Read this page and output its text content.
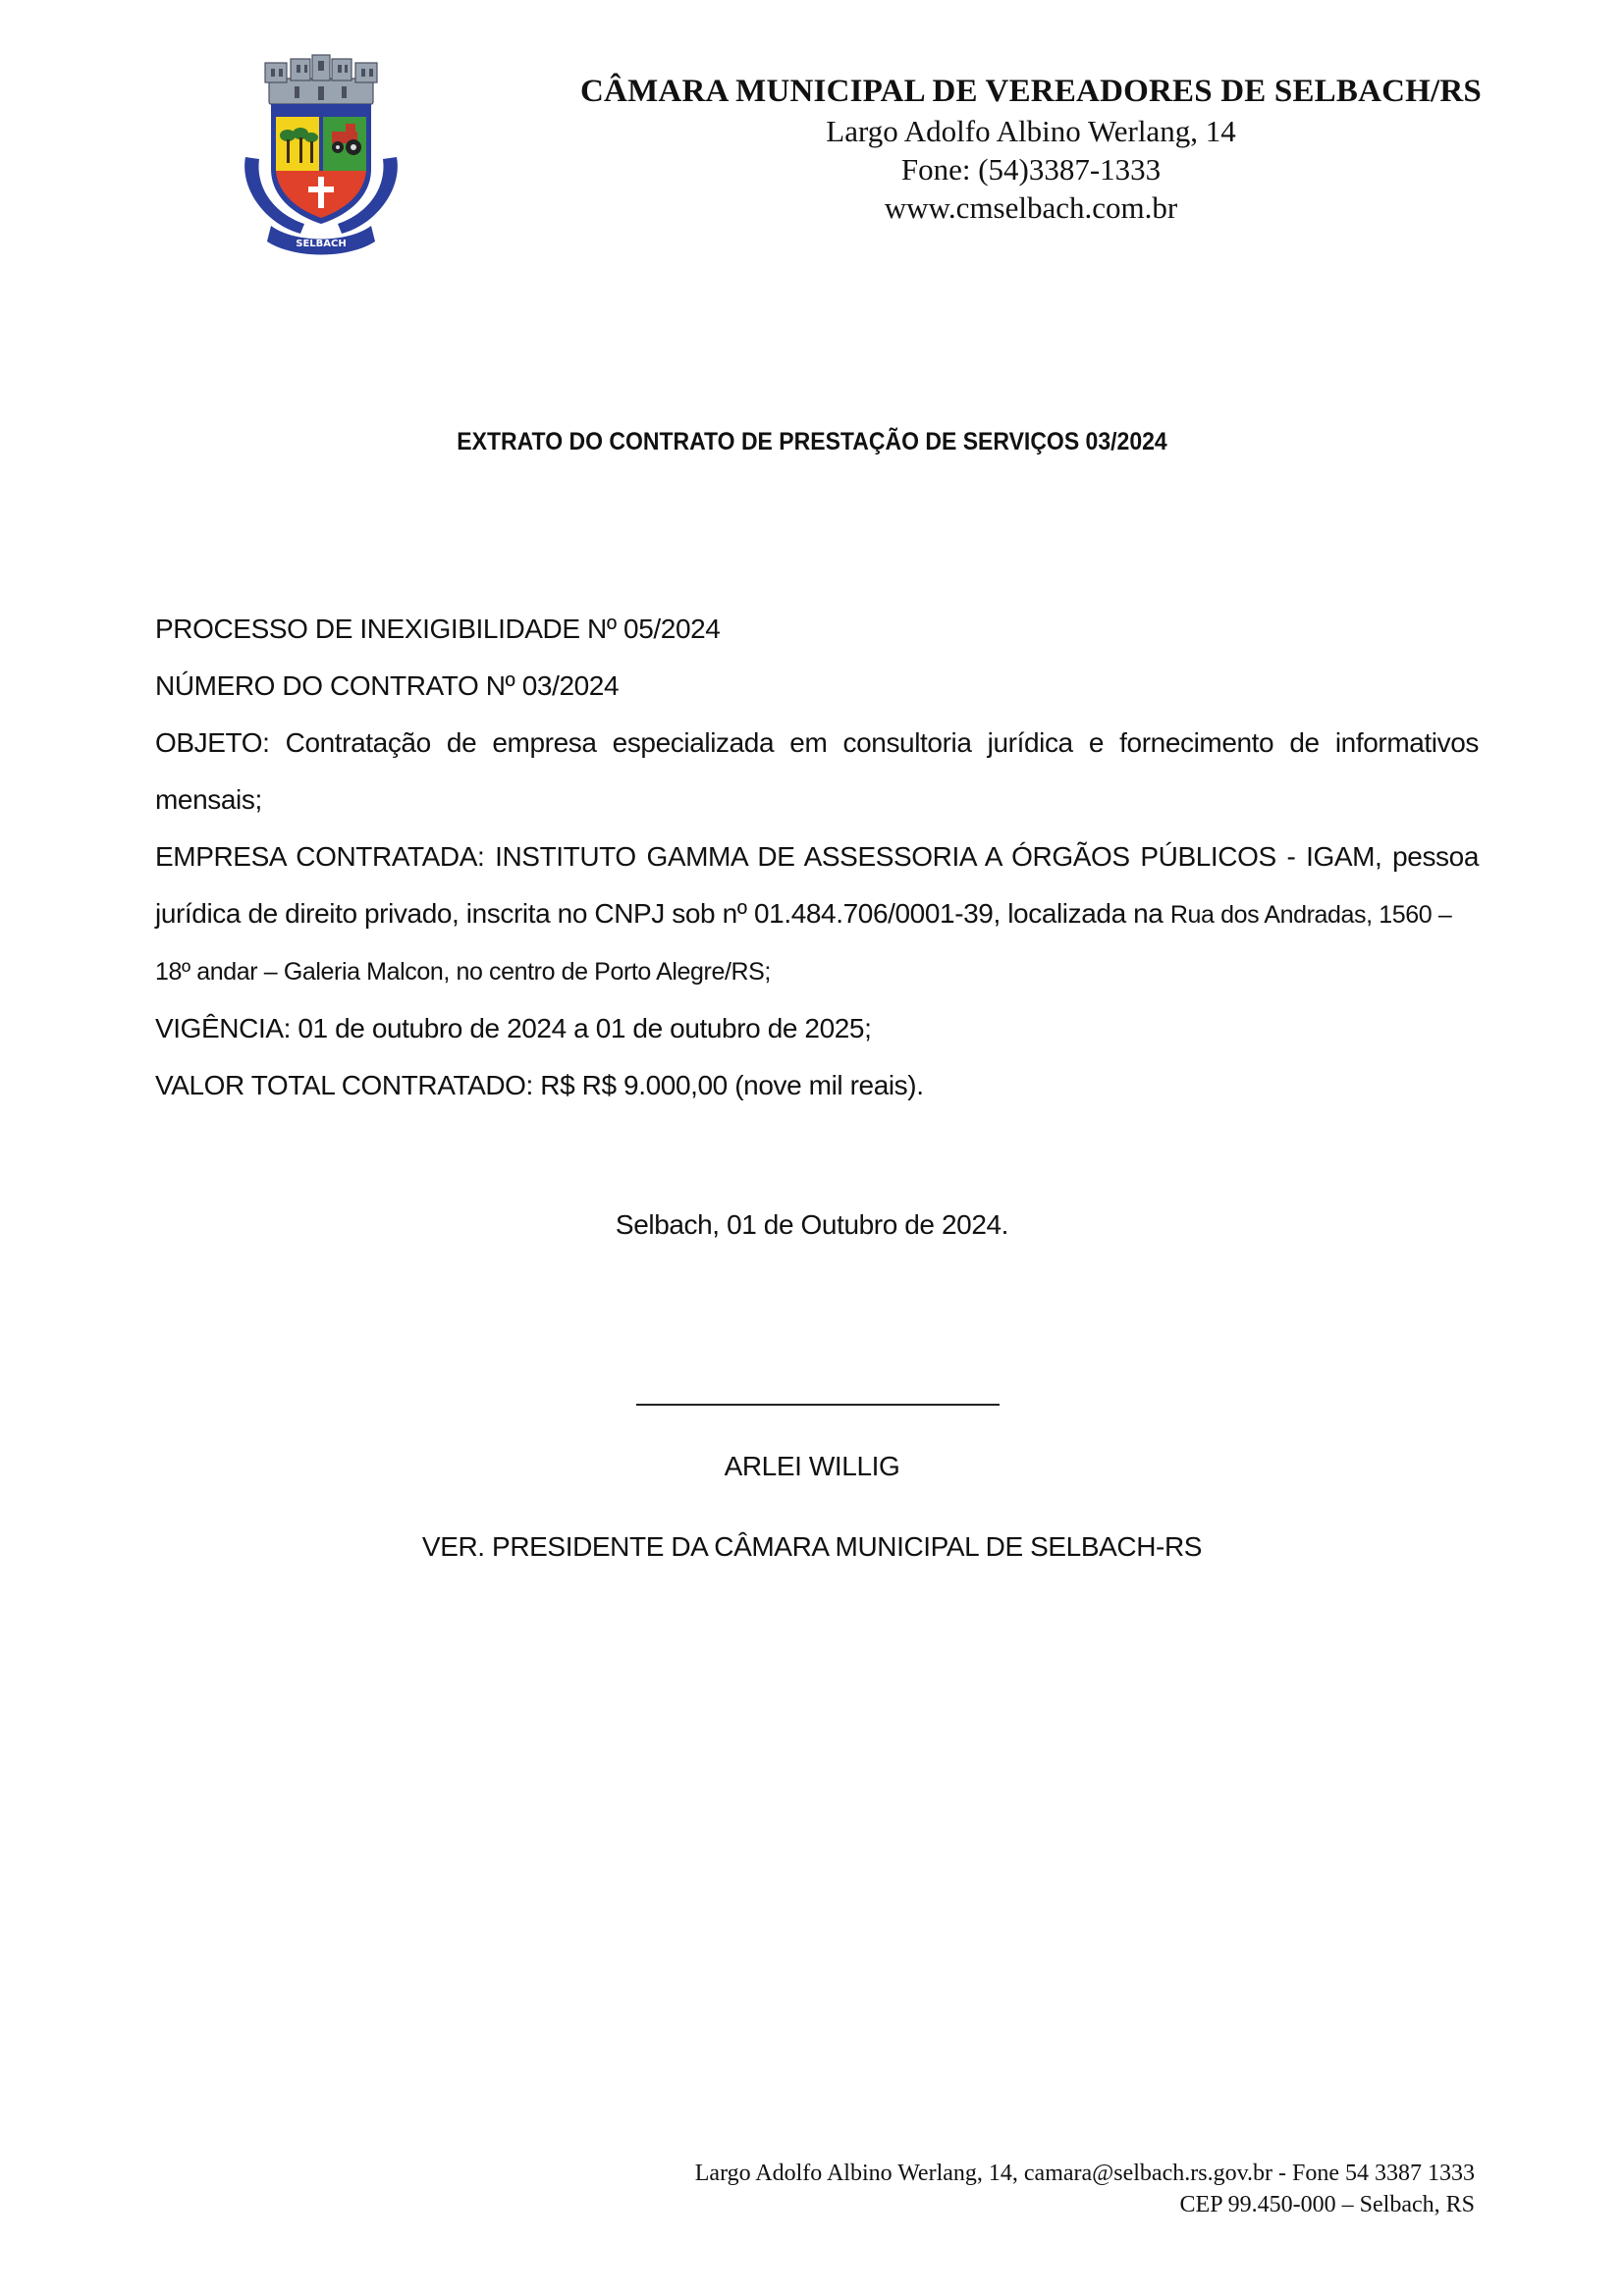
SELBACH
CÂMARA MUNICIPAL DE VEREADORES DE SELBACH/RS
Largo Adolfo Albino Werlang, 14
Fone: (54)3387-1333
www.cmselbach.com.br
EXTRATO DO CONTRATO DE PRESTAÇÃO DE SERVIÇOS 03/2024

PROCESSO DE INEXIGIBILIDADE Nº 05/2024

NÚMERO DO CONTRATO Nº 03/2024

OBJETO: Contratação de empresa especializada em consultoria jurídica e fornecimento de informativos

mensais;

EMPRESA CONTRATADA: INSTITUTO GAMMA DE ASSESSORIA A ÓRGÃOS PÚBLICOS - IGAM, pessoa

jurídica de direito privado, inscrita no CNPJ sob nº 01.484.706/0001-39, localizada na Rua dos Andradas, 1560 –

18º andar – Galeria Malcon, no centro de Porto Alegre/RS;

VIGÊNCIA: 01 de outubro de 2024 a 01 de outubro de 2025;

VALOR TOTAL CONTRATADO: R$ R$ 9.000,00 (nove mil reais).

Selbach, 01 de Outubro de 2024.
ARLEI WILLIG
VER. PRESIDENTE DA CÂMARA MUNICIPAL DE SELBACH-RS
Largo Adolfo Albino Werlang, 14, camara@selbach.rs.gov.br - Fone 54 3387 1333
CEP 99.450-000 – Selbach, RS
